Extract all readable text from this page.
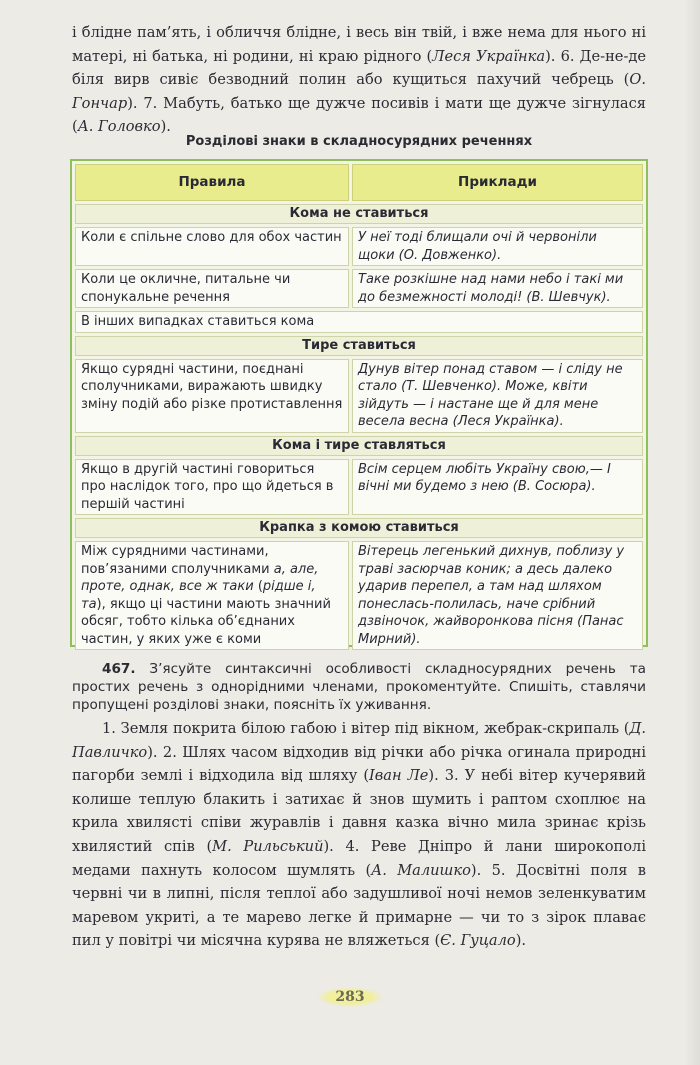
і блідне пам’ять, і обличчя блідне, і весь він твій, і вже нема для нього ні матері, ні батька, ні родини, ні краю рідного (Леся Українка). 6. Де-не-де біля вирв сивіє безводний полин або кущиться пахучий чебрець (О. Гончар). 7. Мабуть, батько ще дужче посивів і мати ще дужче зігнулася (А. Головко).

Розділові знаки в складносурядних реченнях
Правила	Приклади
Кома не ставиться	
Коли є спільне слово для обох частин	У неї тоді блищали очі й червоніли щоки (О. Довженко).
Коли це окличне, питальне чи спонукальне речення	Таке розкішне над нами небо і такі ми до безмежності молоді! (В. Шевчук).
В інших випадках ставиться кома	
Тире ставиться	
Якщо сурядні частини, поєднані сполучниками, виражають швидку зміну подій або різке протиставлення	Дунув вітер понад ставом — і сліду не стало (Т. Шевченко). Може, квіти зійдуть — і настане ще й для мене весела весна (Леся Українка).
Кома і тире ставляться	
Якщо в другій частині говориться про наслідок того, про що йдеться в першій частині	Всім серцем любіть Україну свою,— І вічні ми будемо з нею (В. Сосюра).
Крапка з комою ставиться	
Між сурядними частинами, пов’язаними сполучниками а, але, проте, однак, все ж таки (рідше і, та), якщо ці частини мають значний обсяг, тобто кілька об’єднаних частин, у яких уже є коми	Вітерець легенький дихнув, поблизу у траві засюрчав коник; а десь далеко ударив перепел, а там над шляхом понеслась-полилась, наче срібний дзвіночок, жайворонкова пісня (Панас Мирний).

467. З’ясуйте синтаксичні особливості складносурядних речень та простих речень з однорідними членами, прокоментуйте. Спишіть, ставлячи пропущені розділові знаки, поясніть їх уживання.

1. Земля покрита білою габою і вітер під вікном, жебрак-скрипаль (Д. Павличко). 2. Шлях часом відходив від річки або річка огинала природні пагорби землі і відходила від шляху (Іван Ле). 3. У небі вітер кучерявий колише теплую блакить і затихає й знов шумить і раптом схоплює на крила хвилясті співи журавлів і давня казка вічно мила зринає крізь хвилястий спів (М. Рильський). 4. Реве Дніпро й лани широкополі медами пахнуть колосом шумлять (А. Малишко). 5. Досвітні поля в червні чи в липні, після теплої або задушливої ночі немов зеленкуватим маревом укриті, а те марево легке й примарне — чи то з зірок плаває пил у повітрі чи місячна курява не вляжеться (Є. Гуцало).

283
